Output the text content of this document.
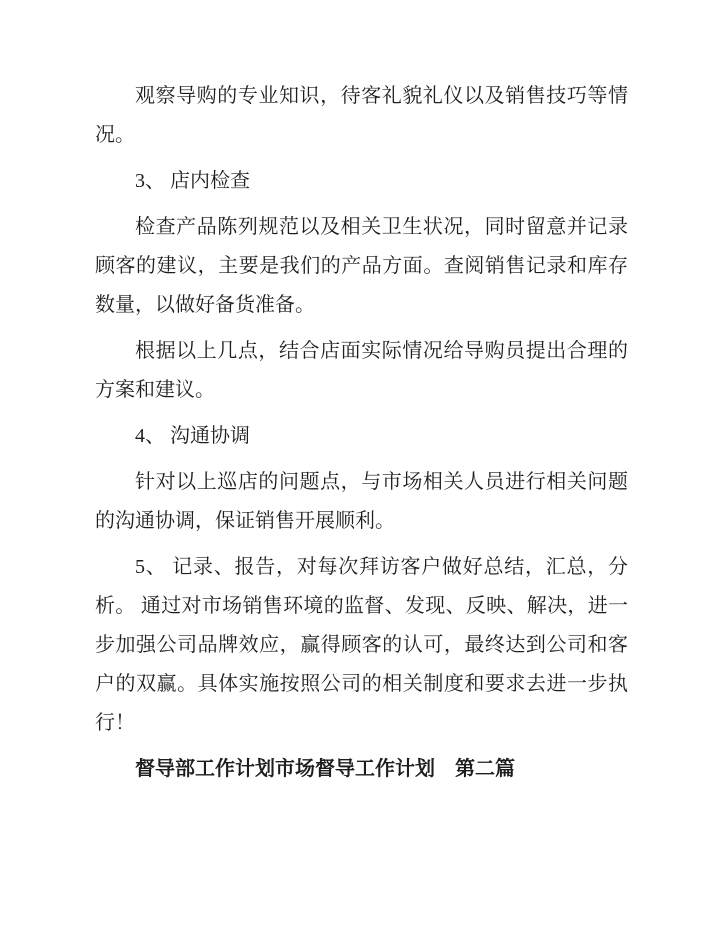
观察导购的专业知识，待客礼貌礼仪以及销售技巧等情况。

3、 店内检查

检查产品陈列规范以及相关卫生状况，同时留意并记录顾客的建议，主要是我们的产品方面。查阅销售记录和库存数量，以做好备货准备。

根据以上几点，结合店面实际情况给导购员提出合理的方案和建议。

4、 沟通协调

针对以上巡店的问题点，与市场相关人员进行相关问题的沟通协调，保证销售开展顺利。

5、 记录、报告，对每次拜访客户做好总结，汇总，分析。 通过对市场销售环境的监督、发现、反映、解决，进一步加强公司品牌效应，赢得顾客的认可，最终达到公司和客户的双赢。具体实施按照公司的相关制度和要求去进一步执行！

督导部工作计划市场督导工作计划　第二篇
